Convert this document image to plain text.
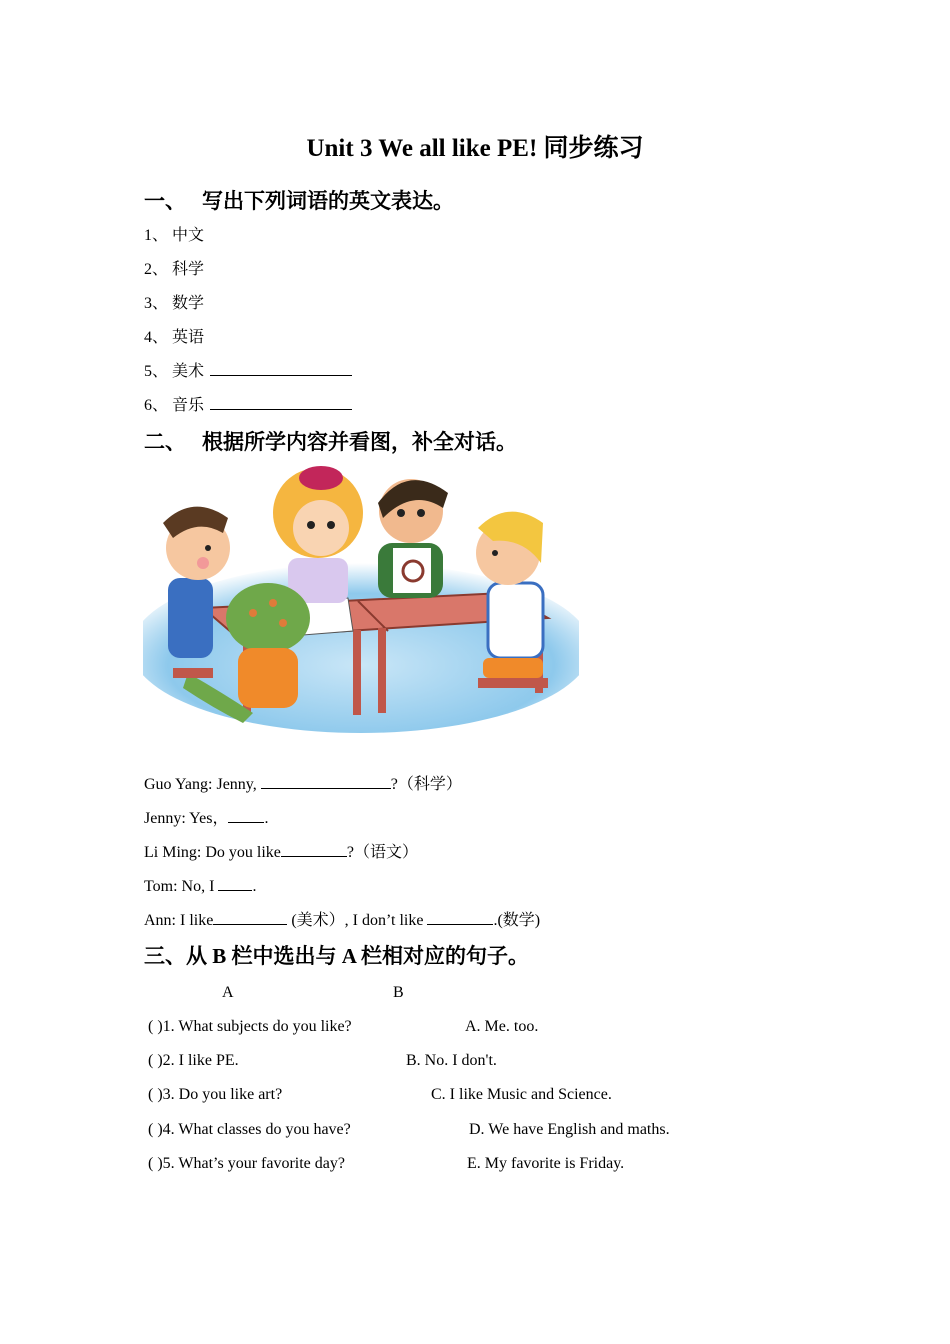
Unit 3 We all like PE! 同步练习
一、 写出下列词语的英文表达。
1、 中文
2、 科学
3、 数学
4、 英语
5、 美术
6、 音乐
二、 根据所学内容并看图，补全对话。
Guo Yang: Jenny,	?（科学）
Jenny: Yes， .
Li Ming: Do you like	?（语文）
Tom: No, I .
Ann: I like	(美术）, I don’t like	.(数学)
三、从 B 栏中选出与 A 栏相对应的句子。
A	B
( )1. What subjects do you like?	A. Me. too.
( )2. I like PE.	B. No. I don't.
( )3. Do you like art?	C. I like Music and Science.
( )4. What classes do you have?	D. We have English and maths.
( )5. What’s your favorite day?	E. My favorite is Friday.
